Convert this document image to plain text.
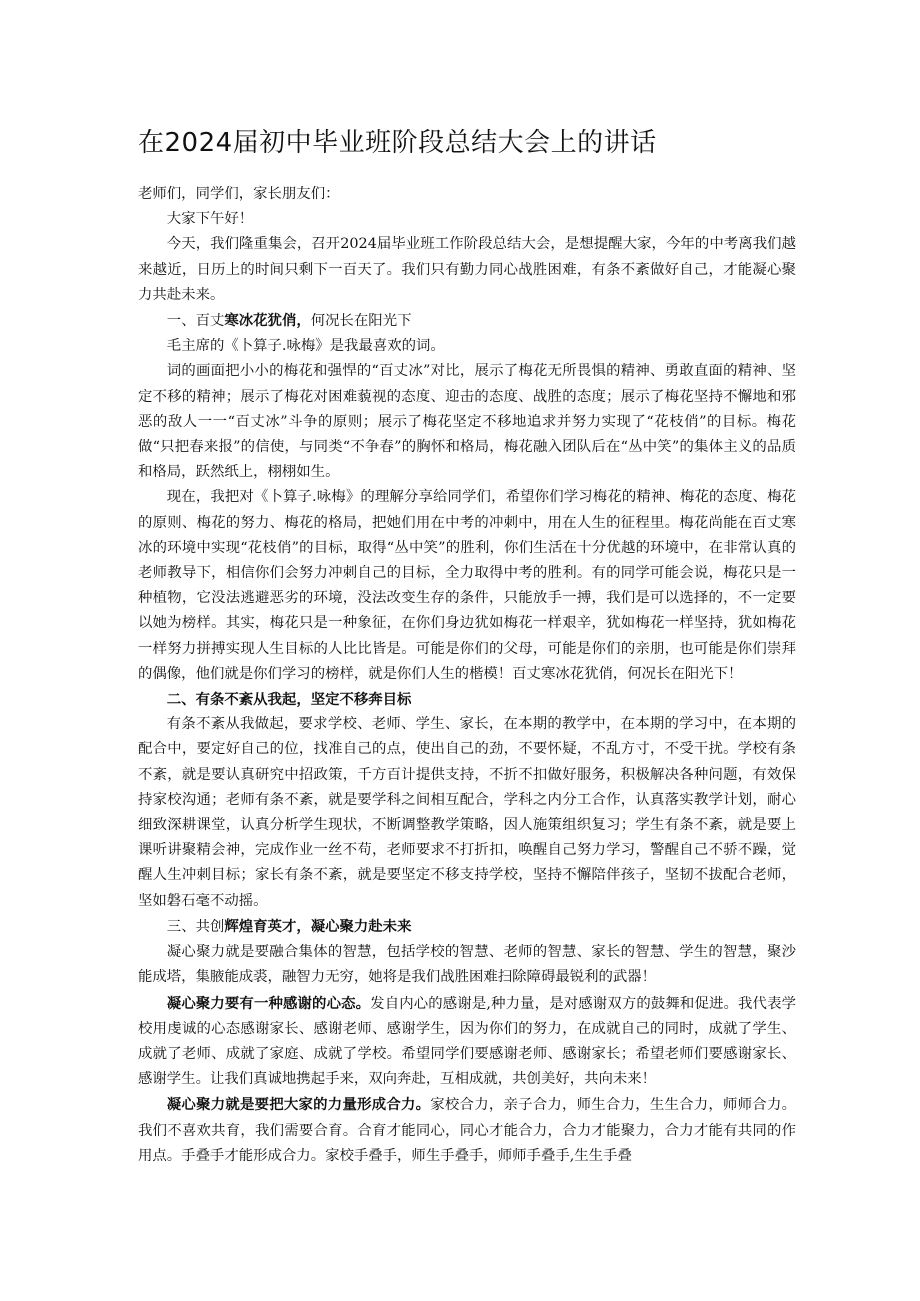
在2024届初中毕业班阶段总结大会上的讲话

老师们，同学们，家长朋友们：

大家下午好！

今天，我们隆重集会，召开2024届毕业班工作阶段总结大会，是想提醒大家，今年的中考离我们越来越近，日历上的时间只剩下一百天了。我们只有勤力同心战胜困难，有条不紊做好自己，才能凝心聚力共赴未来。

一、百丈寒冰花犹俏，何况长在阳光下

毛主席的《卜算子.咏梅》是我最喜欢的词。

词的画面把小小的梅花和强悍的“百丈冰”对比，展示了梅花无所畏惧的精神、勇敢直面的精神、坚定不移的精神；展示了梅花对困难藐视的态度、迎击的态度、战胜的态度；展示了梅花坚持不懈地和邪恶的敌人一一“百丈冰”斗争的原则；展示了梅花坚定不移地追求并努力实现了“花枝俏”的目标。梅花做“只把春来报”的信使，与同类“不争春”的胸怀和格局，梅花融入团队后在“丛中笑”的集体主义的品质和格局，跃然纸上，栩栩如生。

现在，我把对《卜算子.咏梅》的理解分享给同学们，希望你们学习梅花的精神、梅花的态度、梅花的原则、梅花的努力、梅花的格局，把她们用在中考的冲刺中，用在人生的征程里。梅花尚能在百丈寒冰的环境中实现“花枝俏”的目标，取得“丛中笑”的胜利，你们生活在十分优越的环境中，在非常认真的老师教导下，相信你们会努力冲刺自己的目标，全力取得中考的胜利。有的同学可能会说，梅花只是一种植物，它没法逃避恶劣的环境，没法改变生存的条件，只能放手一搏，我们是可以选择的，不一定要以她为榜样。其实，梅花只是一种象征，在你们身边犹如梅花一样艰辛，犹如梅花一样坚持，犹如梅花一样努力拼搏实现人生目标的人比比皆是。可能是你们的父母，可能是你们的亲朋，也可能是你们崇拜的偶像，他们就是你们学习的榜样，就是你们人生的楷模！百丈寒冰花犹俏，何况长在阳光下！

二、有条不紊从我起，坚定不移奔目标

有条不紊从我做起，要求学校、老师、学生、家长，在本期的教学中，在本期的学习中，在本期的配合中，要定好自己的位，找准自己的点，使出自己的劲，不要怀疑，不乱方寸，不受干扰。学校有条不紊，就是要认真研究中招政策，千方百计提供支持，不折不扣做好服务，积极解决各种问题，有效保持家校沟通；老师有条不紊，就是要学科之间相互配合，学科之内分工合作，认真落实教学计划，耐心细致深耕课堂，认真分析学生现状，不断调整教学策略，因人施策组织复习；学生有条不紊，就是要上课听讲聚精会神，完成作业一丝不苟，老师要求不打折扣，唤醒自己努力学习，警醒自己不骄不躁，觉醒人生冲刺目标；家长有条不紊，就是要坚定不移支持学校，坚持不懈陪伴孩子，坚韧不拔配合老师，坚如磐石毫不动摇。

三、共创辉煌育英才，凝心聚力赴未来

凝心聚力就是要融合集体的智慧，包括学校的智慧、老师的智慧、家长的智慧、学生的智慧，聚沙能成塔，集腋能成裘，融智力无穷，她将是我们战胜困难扫除障碍最锐利的武器！

凝心聚力要有一种感谢的心态。发自内心的感谢是,种力量，是对感谢双方的鼓舞和促进。我代表学校用虔诚的心态感谢家长、感谢老师、感谢学生，因为你们的努力，在成就自己的同时，成就了学生、成就了老师、成就了家庭、成就了学校。希望同学们要感谢老师、感谢家长；希望老师们要感谢家长、感谢学生。让我们真诚地携起手来，双向奔赴，互相成就，共创美好，共向未来！

凝心聚力就是要把大家的力量形成合力。家校合力，亲子合力，师生合力，生生合力，师师合力。我们不喜欢共育，我们需要合育。合育才能同心，同心才能合力，合力才能聚力，合力才能有共同的作用点。手叠手才能形成合力。家校手叠手，师生手叠手，师师手叠手,生生手叠
